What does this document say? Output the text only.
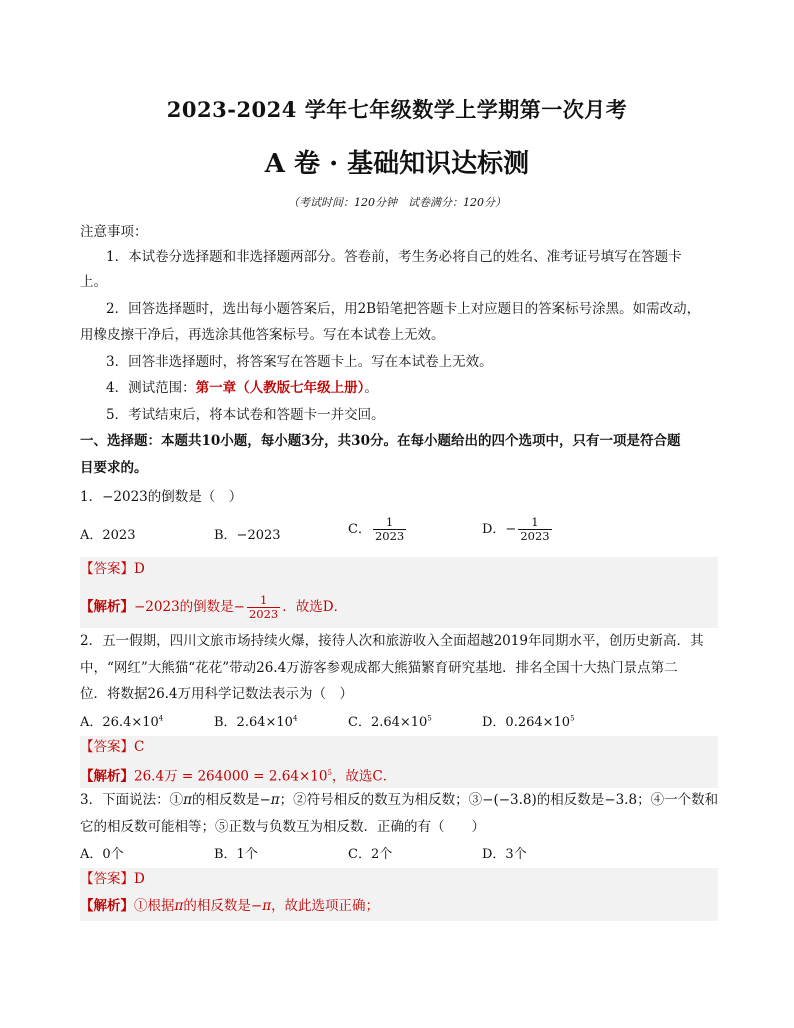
2023-2024 学年七年级数学上学期第一次月考
A 卷 · 基础知识达标测
（考试时间：120分钟　试卷满分：120分）
注意事项：
1．本试卷分选择题和非选择题两部分。答卷前，考生务必将自己的姓名、准考证号填写在答题卡
上。
2．回答选择题时，选出每小题答案后，用2B铅笔把答题卡上对应题目的答案标号涂黑。如需改动，
用橡皮擦干净后，再选涂其他答案标号。写在本试卷上无效。
3．回答非选择题时，将答案写在答题卡上。写在本试卷上无效。
4．测试范围：第一章（人教版七年级上册）。
5．考试结束后，将本试卷和答题卡一并交回。
一、选择题：本题共10小题，每小题3分，共30分。在每小题给出的四个选项中，只有一项是符合题
目要求的。
1．−2023的倒数是（　）
A．2023	B．−2023	C． $\frac{1}{2023}$	D．− $\frac{1}{2023}$
【答案】D
【解析】−2023的倒数是− $\frac{1}{2023}$ ．故选D．
2．五一假期，四川文旅市场持续火爆，接待人次和旅游收入全面超越2019年同期水平，创历史新高．其
中，“网红”大熊猫“花花”带动26.4万游客参观成都大熊猫繁育研究基地．排名全国十大热门景点第二
位．将数据26.4万用科学记数法表示为（　）
A．$26.4\times 10^4$	B．$2.64\times 10^4$	C．$2.64\times 10^5$	D．$0.264\times 10^5$
【答案】C
【解析】26.4万 = $264000 = 2.64\times 10^5$，故选C．
3．下面说法：①π的相反数是−π；②符号相反的数互为相反数；③−(−3.8)的相反数是−3.8；④一个数和
它的相反数可能相等；⑤正数与负数互为相反数．正确的有（　　）
A．0个	B．1个	C．2个	D．3个
【答案】D
【解析】①根据π的相反数是−π，故此选项正确；
